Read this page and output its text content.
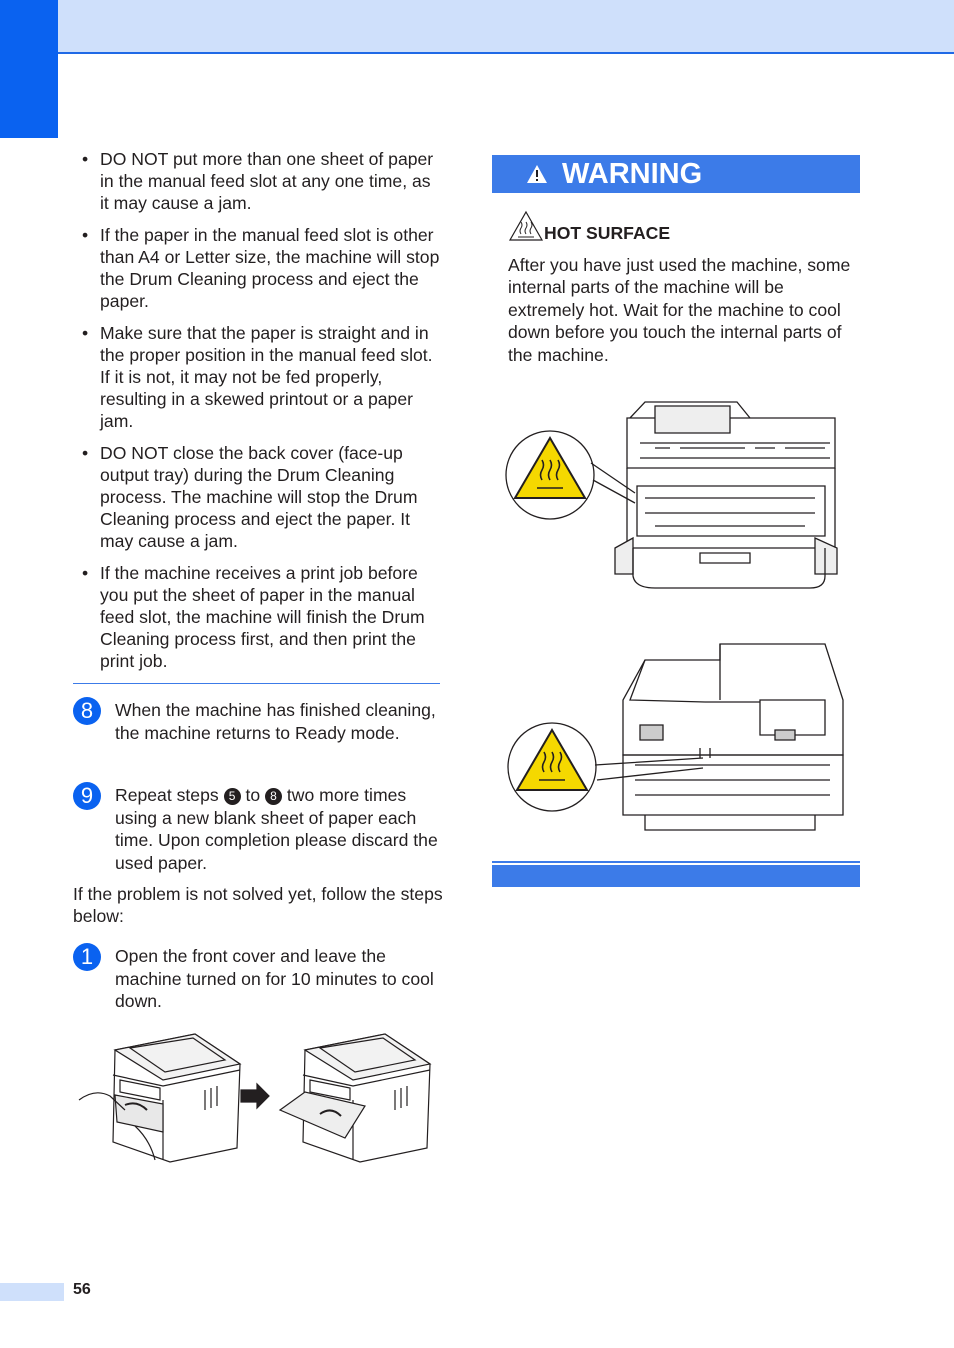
• DO NOT put more than one sheet of paper in the manual feed slot at any one time, as it may cause a jam.
• If the paper in the manual feed slot is other than A4 or Letter size, the machine will stop the Drum Cleaning process and eject the paper.
• Make sure that the paper is straight and in the proper position in the manual feed slot. If it is not, it may not be fed properly, resulting in a skewed printout or a paper jam.
• DO NOT close the back cover (face-up output tray) during the Drum Cleaning process. The machine will stop the Drum Cleaning process and eject the paper. It may cause a jam.
• If the machine receives a print job before you put the sheet of paper in the manual feed slot, the machine will finish the Drum Cleaning process first, and then print the print job.
8	When the machine has finished cleaning, the machine returns to Ready mode.
9	Repeat steps 5 to 8 two more times using a new blank sheet of paper each time. Upon completion please discard the used paper.
If the problem is not solved yet, follow the steps below:
1	Open the front cover and leave the machine turned on for 10 minutes to cool down.
WARNING
HOT SURFACE
After you have just used the machine, some internal parts of the machine will be extremely hot. Wait for the machine to cool down before you touch the internal parts of the machine.
56
